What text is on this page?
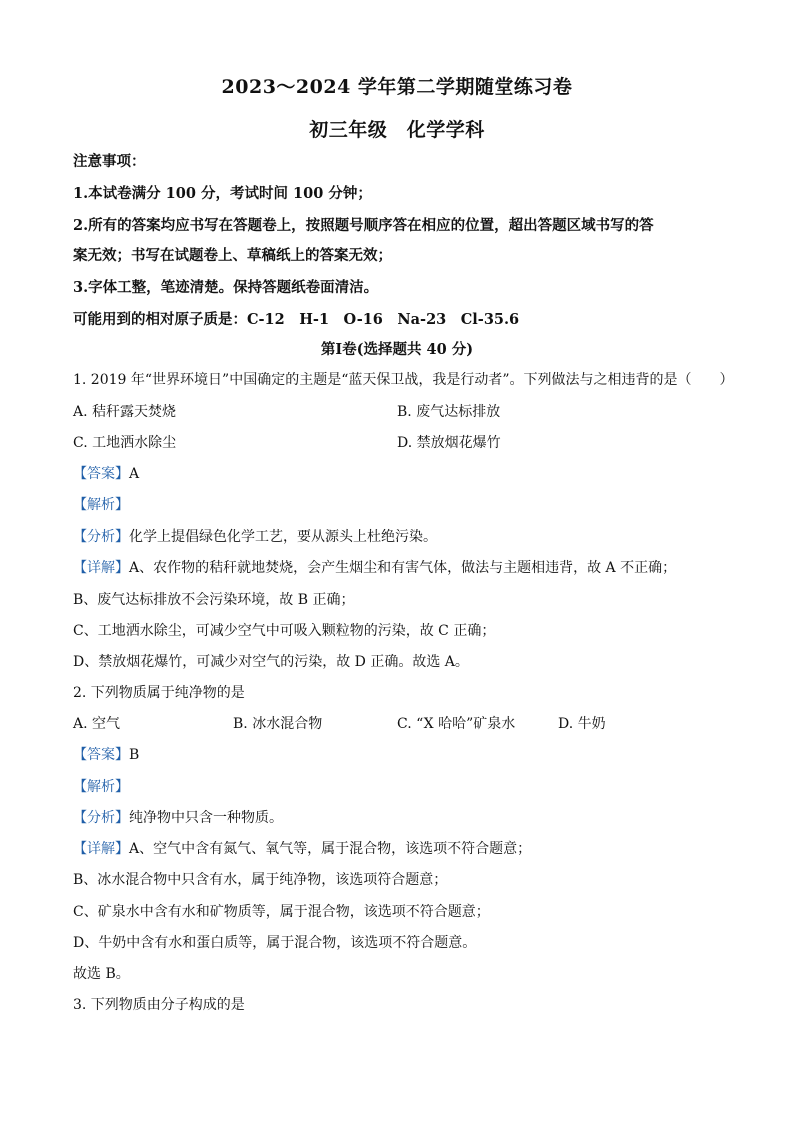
2023～2024 学年第二学期随堂练习卷
初三年级　化学学科
注意事项：
1.本试卷满分 100 分，考试时间 100 分钟；
2.所有的答案均应书写在答题卷上，按照题号顺序答在相应的位置，超出答题区域书写的答
案无效；书写在试题卷上、草稿纸上的答案无效；
3.字体工整，笔迹清楚。保持答题纸卷面清洁。
可能用到的相对原子质是：C-12　H-1　O-16　Na-23　Cl-35.6
第Ⅰ卷(选择题共 40 分)
1. 2019 年“世界环境日”中国确定的主题是“蓝天保卫战，我是行动者”。下列做法与之相违背的是（　　）
A. 秸秆露天焚烧	B. 废气达标排放
C. 工地洒水除尘	D. 禁放烟花爆竹
【答案】A
【解析】
【分析】化学上提倡绿色化学工艺，要从源头上杜绝污染。
【详解】A、农作物的秸秆就地焚烧，会产生烟尘和有害气体，做法与主题相违背，故 A 不正确；
B、废气达标排放不会污染环境，故 B 正确；
C、工地洒水除尘，可减少空气中可吸入颗粒物的污染，故 C 正确；
D、禁放烟花爆竹，可减少对空气的污染，故 D 正确。故选 A。
2. 下列物质属于纯净物的是
A. 空气	B. 冰水混合物	C. “X 哈哈”矿泉水	D. 牛奶
【答案】B
【解析】
【分析】纯净物中只含一种物质。
【详解】A、空气中含有氮气、氧气等，属于混合物，该选项不符合题意；
B、冰水混合物中只含有水，属于纯净物，该选项符合题意；
C、矿泉水中含有水和矿物质等，属于混合物，该选项不符合题意；
D、牛奶中含有水和蛋白质等，属于混合物，该选项不符合题意。
故选 B。
3. 下列物质由分子构成的是
